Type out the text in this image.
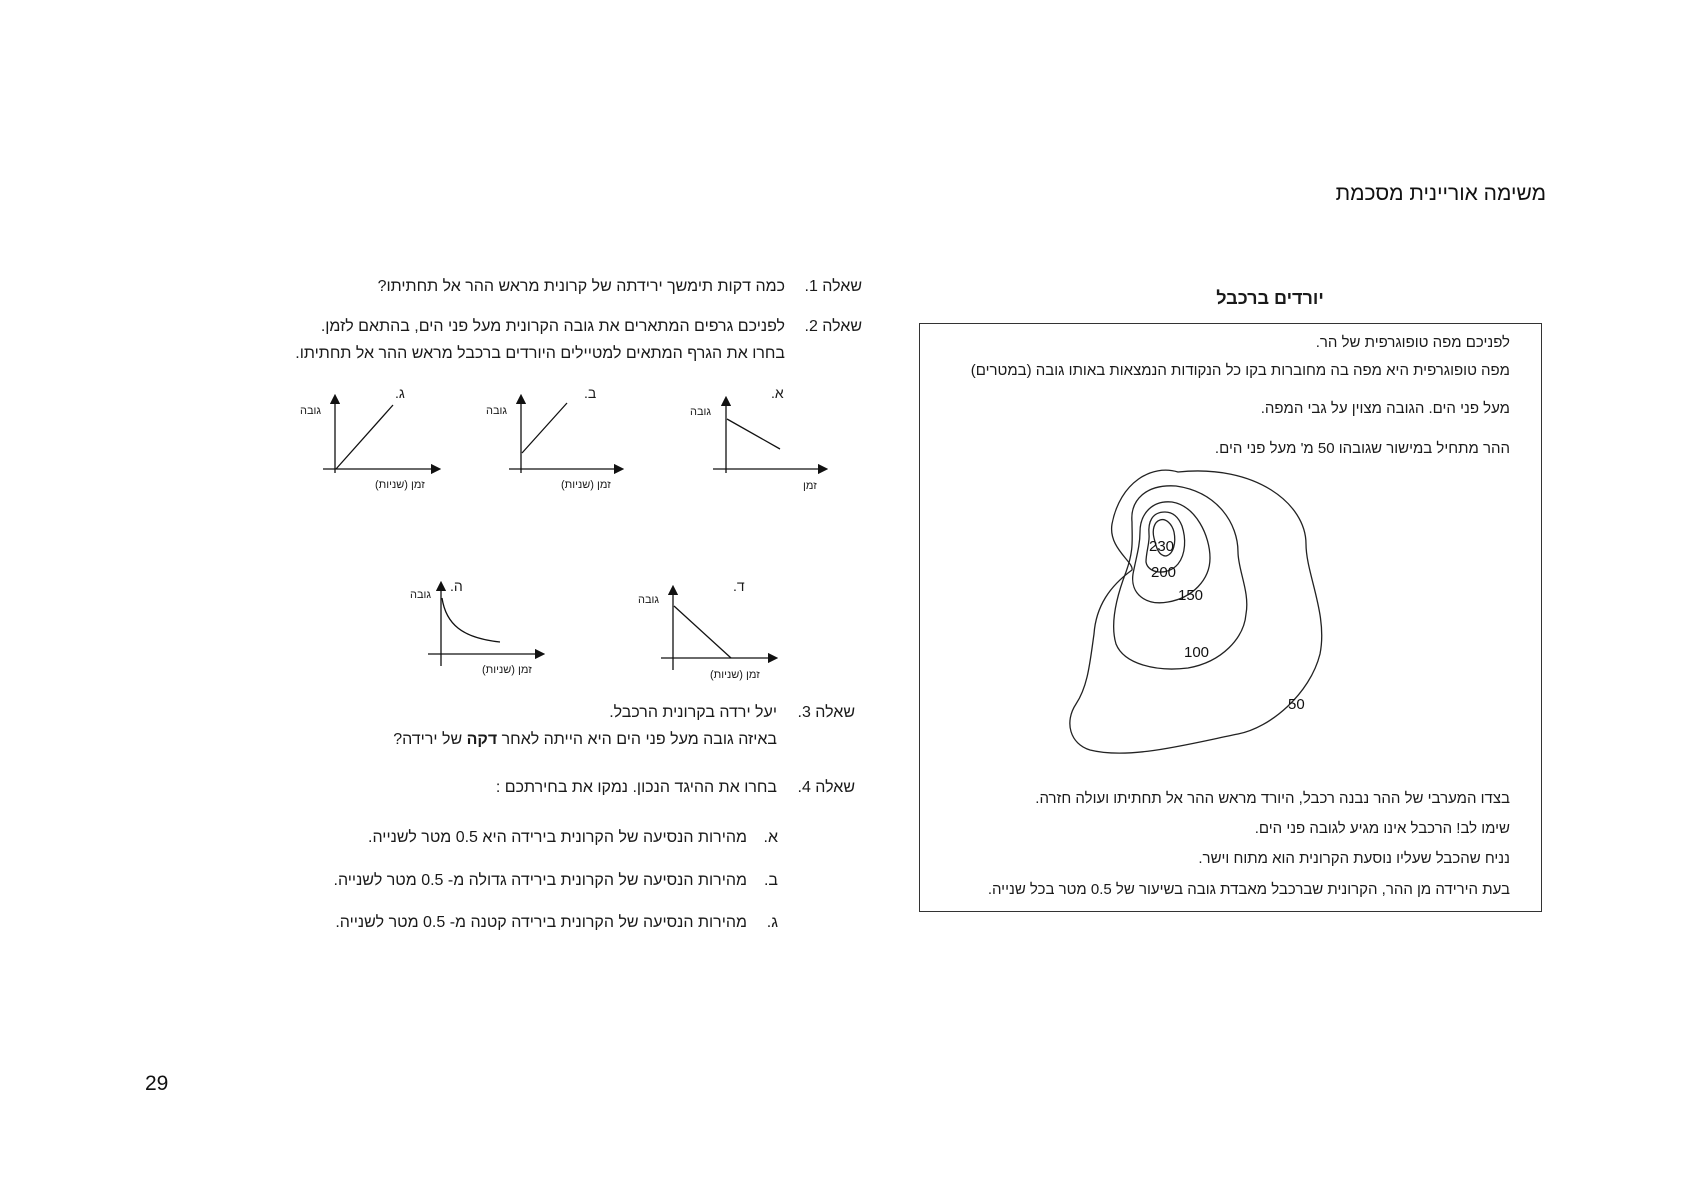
משימה אוריינית מסכמת
יורדים ברכבל
לפניכם מפה טופוגרפית של הר.
מפה טופוגרפית היא מפה בה מחוברות בקו כל הנקודות הנמצאות באותו גובה (במטרים)
מעל פני הים. הגובה מצוין על גבי המפה.
ההר מתחיל במישור שגובהו 50 מ' מעל פני הים.
230
200
150
100
50
בצדו המערבי של ההר נבנה רכבל, היורד מראש ההר אל תחתיתו ועולה חזרה.
שימו לב! הרכבל אינו מגיע לגובה פני הים.
נניח שהכבל שעליו נוסעת הקרונית הוא מתוח וישר.
בעת הירידה מן ההר, הקרונית שברכבל מאבדת גובה בשיעור של 0.5 מטר בכל שנייה.
שאלה 1.
כמה דקות תימשך ירידתה של קרונית מראש ההר אל תחתיתו?
שאלה 2.
לפניכם גרפים המתארים את גובה הקרונית מעל פני הים, בהתאם לזמן.
בחרו את הגרף המתאים למטיילים היורדים ברכבל מראש ההר אל תחתיתו.
א.
גובה
זמן
ב.
גובה
זמן (שניות)
ג.
גובה
זמן (שניות)
ד.
גובה
זמן (שניות)
ה.
גובה
זמן (שניות)
שאלה 3.
יעל ירדה בקרונית הרכבל.
באיזה גובה מעל פני הים היא הייתה לאחר דקה של ירידה?
שאלה 4.
בחרו את ההיגד הנכון. נמקו את בחירתכם :
א.
מהירות הנסיעה של הקרונית בירידה היא 0.5 מטר לשנייה.
ב.
מהירות הנסיעה של הקרונית בירידה גדולה מ- 0.5 מטר לשנייה.
ג.
מהירות הנסיעה של הקרונית בירידה קטנה מ- 0.5 מטר לשנייה.
29
